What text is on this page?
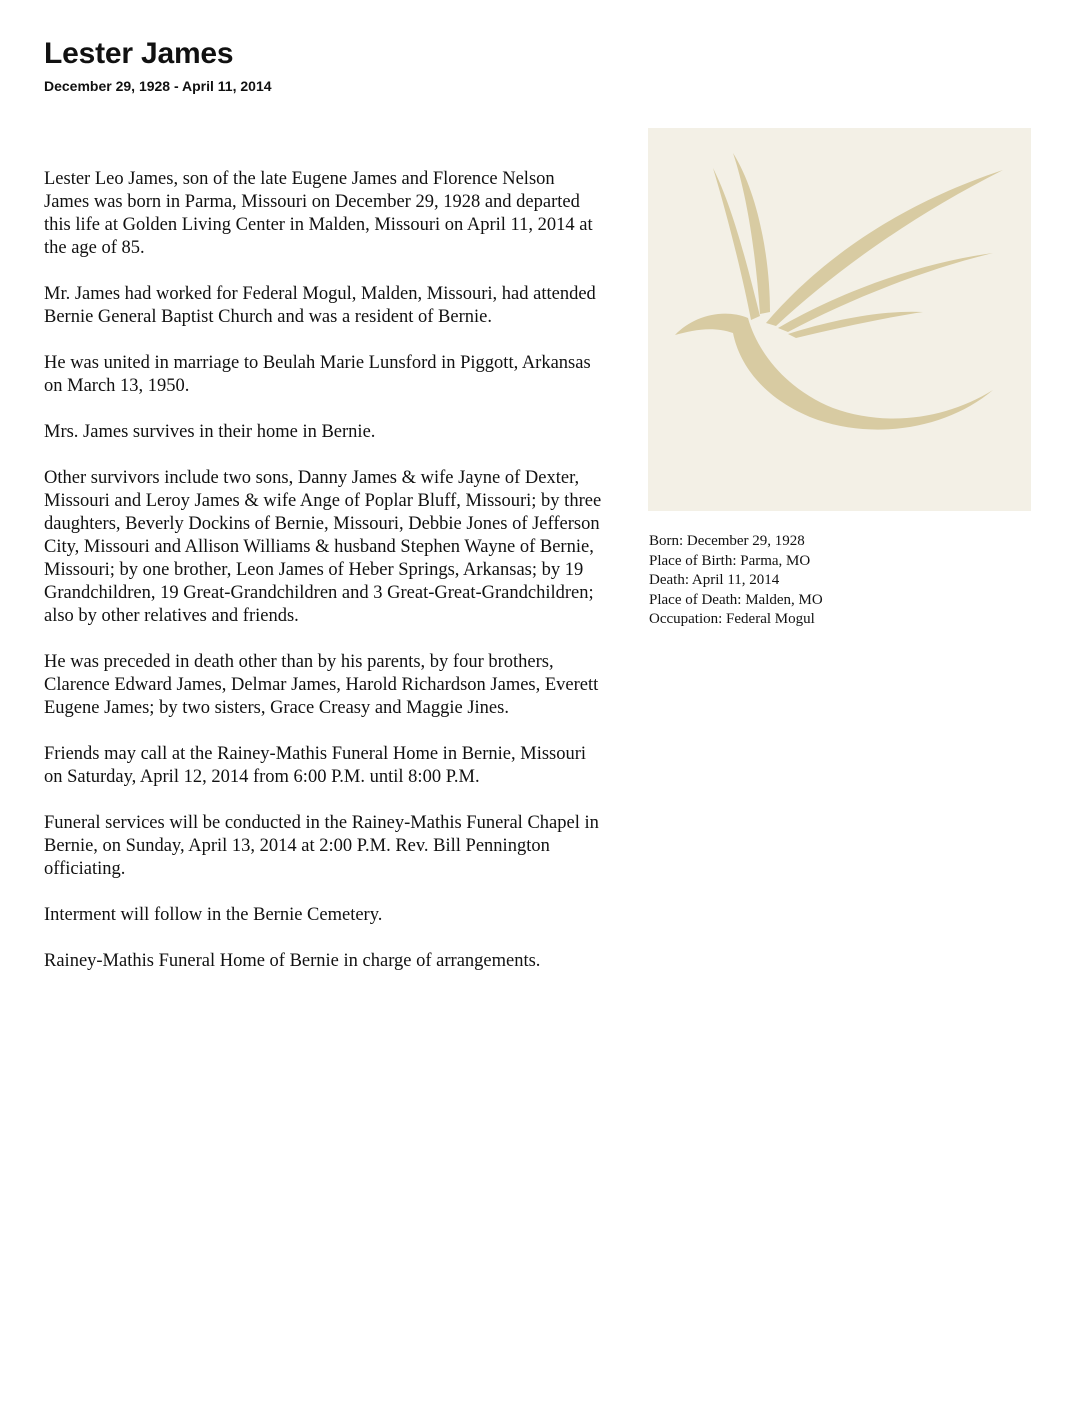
Lester James
December 29, 1928 - April 11, 2014

Lester Leo James, son of the late Eugene James and Florence Nelson James was born in Parma, Missouri on December 29, 1928 and departed this life at Golden Living Center in Malden, Missouri on April 11, 2014 at the age of 85.

Mr. James had worked for Federal Mogul, Malden, Missouri, had attended Bernie General Baptist Church and was a resident of Bernie.

He was united in marriage to Beulah Marie Lunsford in Piggott, Arkansas on March 13, 1950.

Mrs. James survives in their home in Bernie.

Other survivors include two sons, Danny James & wife Jayne of Dexter, Missouri and Leroy James & wife Ange of Poplar Bluff, Missouri; by three daughters, Beverly Dockins of Bernie, Missouri, Debbie Jones of Jefferson City, Missouri and Allison Williams & husband Stephen Wayne of Bernie, Missouri; by one brother, Leon James of Heber Springs, Arkansas; by 19 Grandchildren, 19 Great-Grandchildren and 3 Great-Great-Grandchildren; also by other relatives and friends.

He was preceded in death other than by his parents, by four brothers, Clarence Edward James, Delmar James, Harold Richardson James, Everett Eugene James; by two sisters, Grace Creasy and Maggie Jines.

Friends may call at the Rainey-Mathis Funeral Home in Bernie, Missouri on Saturday, April 12, 2014 from 6:00 P.M. until 8:00 P.M.

Funeral services will be conducted in the Rainey-Mathis Funeral Chapel in Bernie, on Sunday, April 13, 2014 at 2:00 P.M. Rev. Bill Pennington officiating.

Interment will follow in the Bernie Cemetery.

Rainey-Mathis Funeral Home of Bernie in charge of arrangements.

Born: December 29, 1928
Place of Birth: Parma, MO
Death: April 11, 2014
Place of Death: Malden, MO
Occupation: Federal Mogul
